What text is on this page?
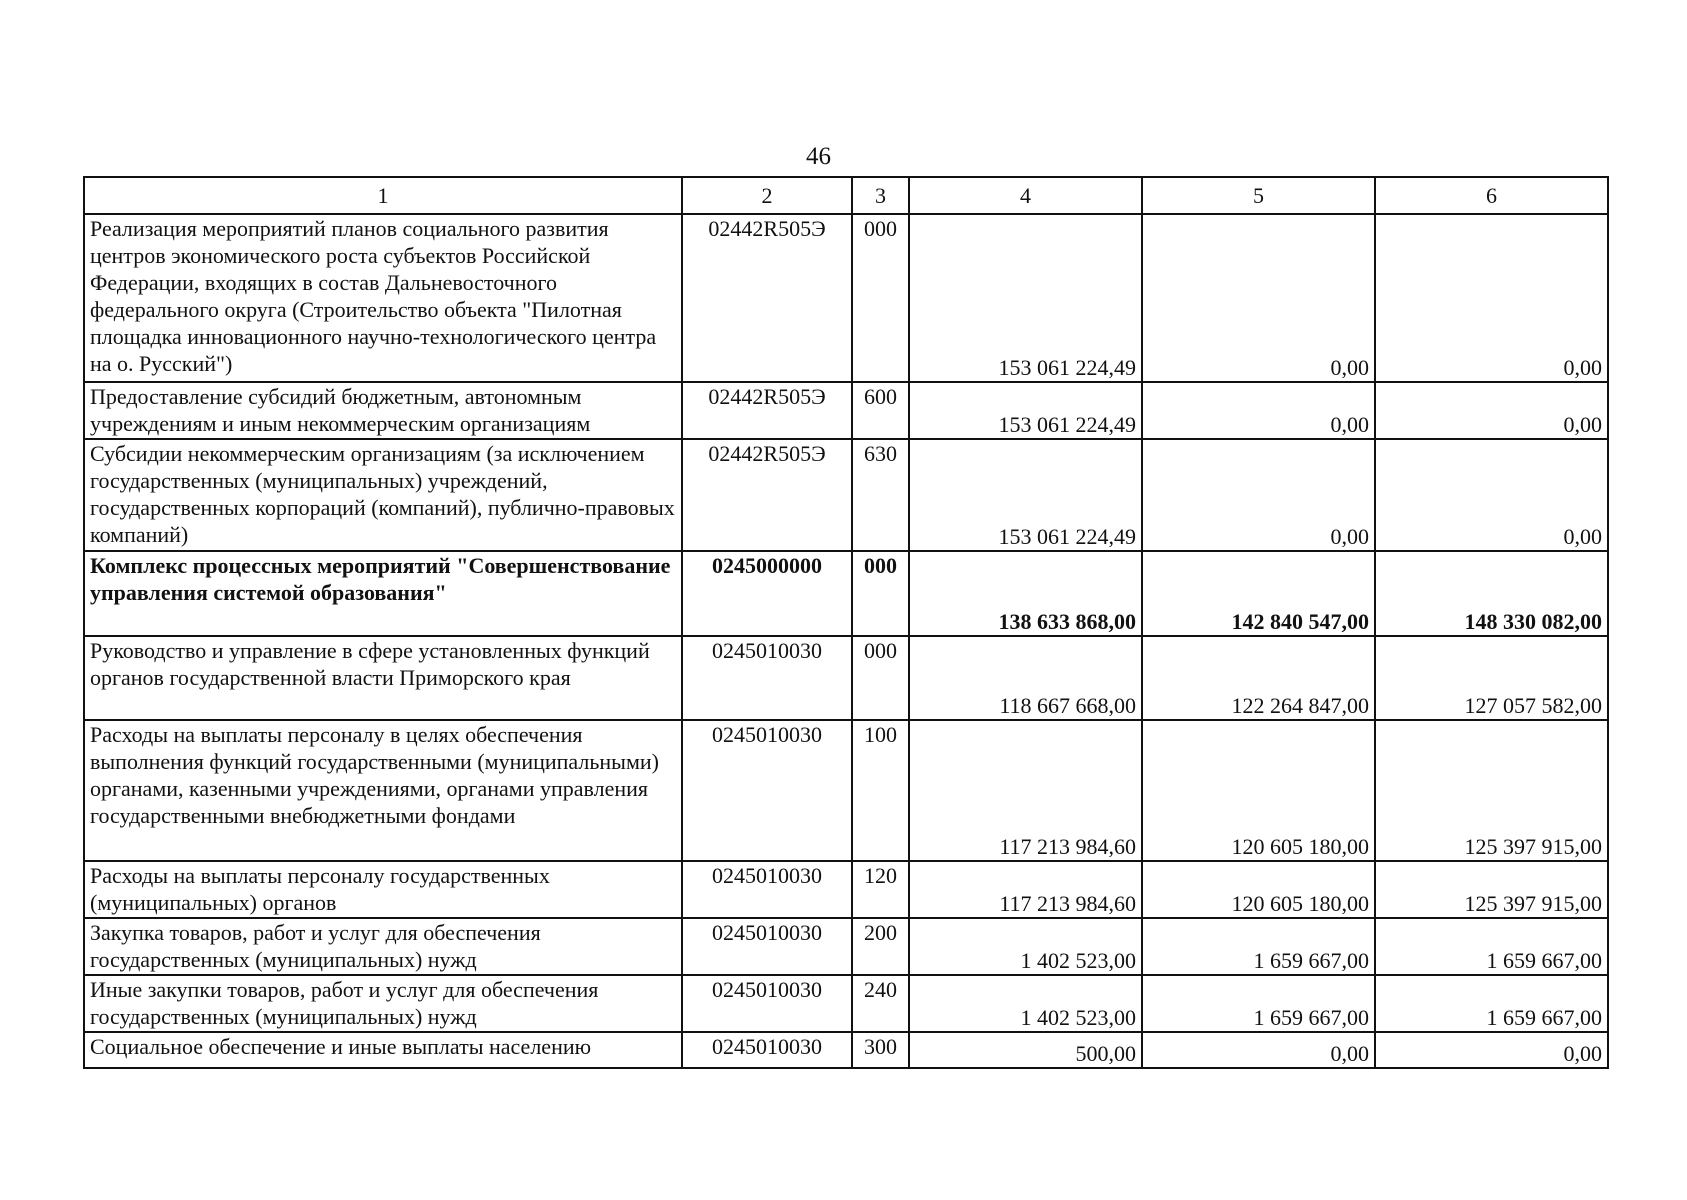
46
1	2	3	4	5	6
Реализация мероприятий планов социального развития центров экономического роста субъектов Российской Федерации, входящих в состав Дальневосточного федерального округа (Строительство объекта "Пилотная площадка инновационного научно-технологического центра на о. Русский")	02442R505Э	000	153 061 224,49	0,00	0,00
Предоставление субсидий бюджетным, автономным учреждениям и иным некоммерческим организациям	02442R505Э	600	153 061 224,49	0,00	0,00
Субсидии некоммерческим организациям (за исключением государственных (муниципальных) учреждений, государственных корпораций (компаний), публично-правовых компаний)	02442R505Э	630	153 061 224,49	0,00	0,00
Комплекс процессных мероприятий "Совершенствование управления системой образования"	0245000000	000	138 633 868,00	142 840 547,00	148 330 082,00
Руководство и управление в сфере установленных функций органов государственной власти Приморского края	0245010030	000	118 667 668,00	122 264 847,00	127 057 582,00
Расходы на выплаты персоналу в целях обеспечения выполнения функций государственными (муниципальными) органами, казенными учреждениями, органами управления государственными внебюджетными фондами	0245010030	100	117 213 984,60	120 605 180,00	125 397 915,00
Расходы на выплаты персоналу государственных (муниципальных) органов	0245010030	120	117 213 984,60	120 605 180,00	125 397 915,00
Закупка товаров, работ и услуг для обеспечения государственных (муниципальных) нужд	0245010030	200	1 402 523,00	1 659 667,00	1 659 667,00
Иные закупки товаров, работ и услуг для обеспечения государственных (муниципальных) нужд	0245010030	240	1 402 523,00	1 659 667,00	1 659 667,00
Социальное обеспечение и иные выплаты населению	0245010030	300	500,00	0,00	0,00
